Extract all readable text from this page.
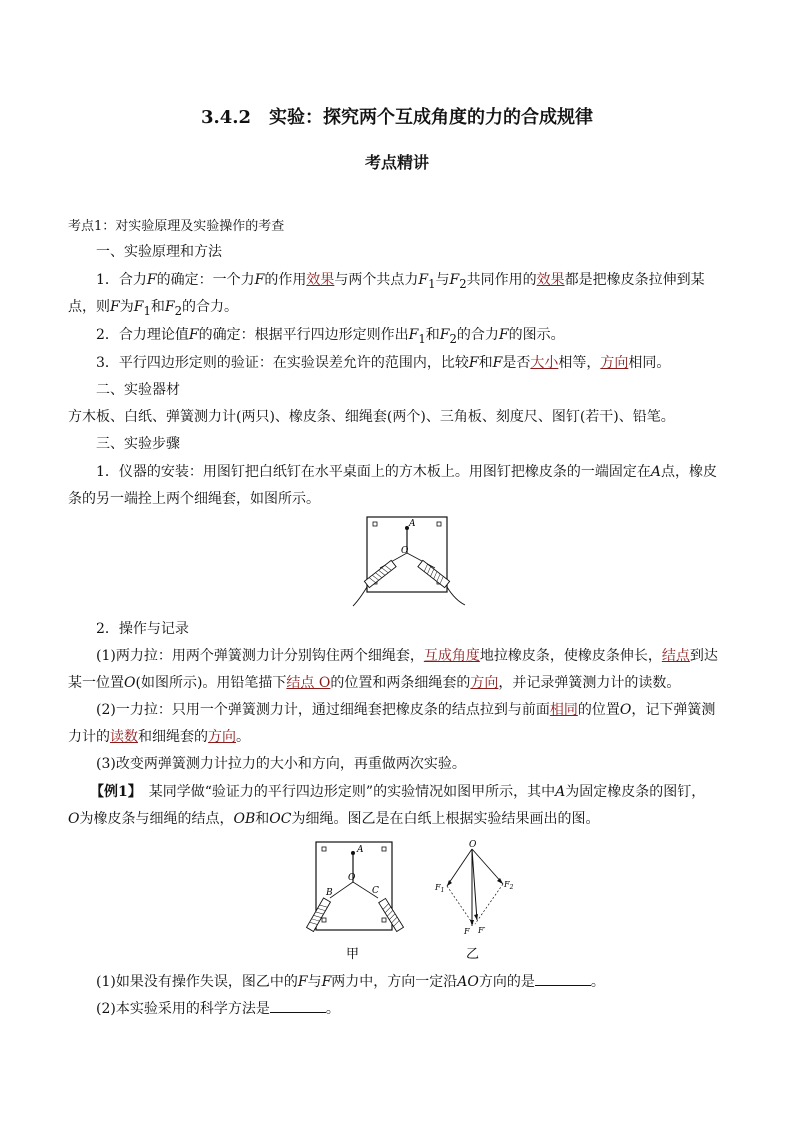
3.4.2　实验：探究两个互成角度的力的合成规律
考点精讲
考点1：对实验原理及实验操作的考查
一、实验原理和方法
1．合力F的确定：一个力F的作用效果与两个共点力$F_1$与$F_2$共同作用的效果都是把橡皮条拉伸到某
点，则F为$F_1$和$F_2$的合力。
2．合力理论值F的确定：根据平行四边形定则作出$F_1$和$F_2$的合力F的图示。
3．平行四边形定则的验证：在实验误差允许的范围内，比较F和F是否大小相等，方向相同。
二、实验器材
方木板、白纸、弹簧测力计(两只)、橡皮条、细绳套(两个)、三角板、刻度尺、图钉(若干)、铅笔。
三、实验步骤
1．仪器的安装：用图钉把白纸钉在水平桌面上的方木板上。用图钉把橡皮条的一端固定在A点，橡皮
条的另一端拴上两个细绳套，如图所示。
A
O
2．操作与记录
(1)两力拉：用两个弹簧测力计分别钩住两个细绳套，互成角度地拉橡皮条，使橡皮条伸长，结点到达
某一位置O(如图所示)。用铅笔描下结点 O的位置和两条细绳套的方向，并记录弹簧测力计的读数。
(2)一力拉：只用一个弹簧测力计，通过细绳套把橡皮条的结点拉到与前面相同的位置O，记下弹簧测
力计的读数和细绳套的方向。
(3)改变两弹簧测力计拉力的大小和方向，再重做两次实验。
【例1】　某同学做“验证力的平行四边形定则”的实验情况如图甲所示，其中A为固定橡皮条的图钉，
O为橡皮条与细绳的结点，OB和OC为细绳。图乙是在白纸上根据实验结果画出的图。
A
O
B	C
甲
O
$F_1$
$F_2$
F F′
乙
(1)如果没有操作失误，图乙中的F与F两力中，方向一定沿AO方向的是	。
(2)本实验采用的科学方法是	。
